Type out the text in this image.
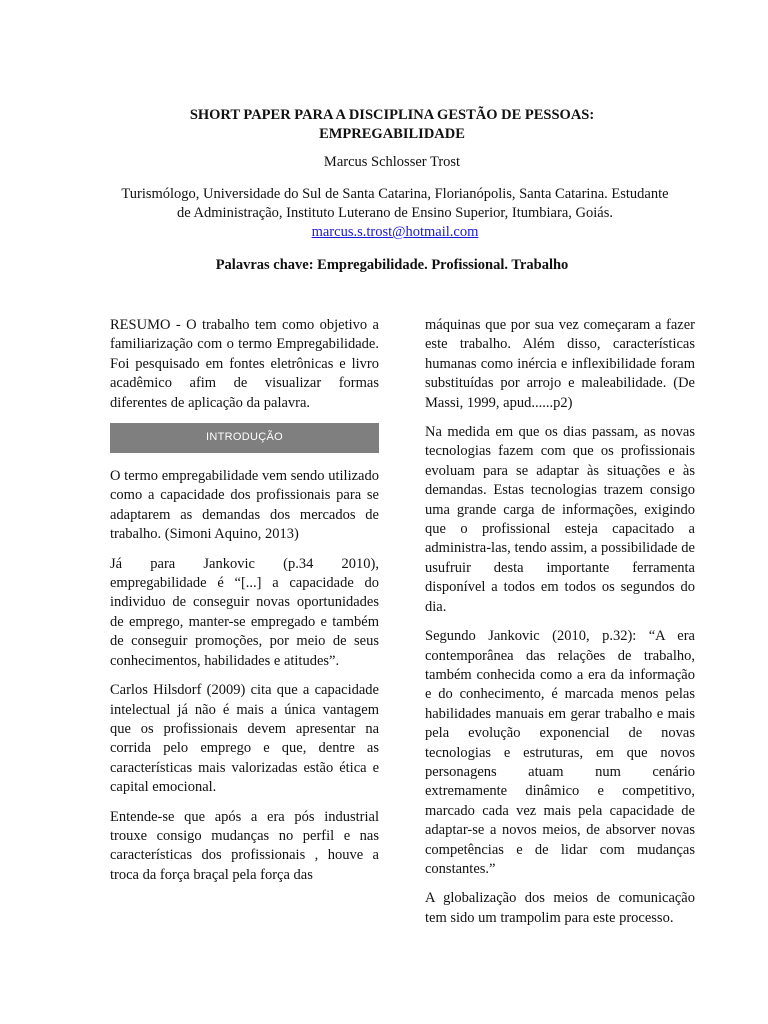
SHORT PAPER PARA A DISCIPLINA GESTÃO DE PESSOAS:
EMPREGABILIDADE
Marcus Schlosser Trost
Turismólogo, Universidade do Sul de Santa Catarina, Florianópolis, Santa Catarina. Estudante
de Administração, Instituto Luterano de Ensino Superior, Itumbiara, Goiás.
marcus.s.trost@hotmail.com
Palavras chave: Empregabilidade. Profissional. Trabalho

RESUMO - O trabalho tem como objetivo a familiarização com o termo Empregabilidade. Foi pesquisado em fontes eletrônicas e livro acadêmico afim de visualizar formas diferentes de aplicação da palavra.

INTRODUÇÃO

O termo empregabilidade vem sendo utilizado como a capacidade dos profissionais para se adaptarem as demandas dos mercados de trabalho. (Simoni Aquino, 2013)

Já para Jankovic (p.34 2010), empregabilidade é “[...] a capacidade do individuo de conseguir novas oportunidades de emprego, manter-se empregado e também de conseguir promoções, por meio de seus conhecimentos, habilidades e atitudes”.

Carlos Hilsdorf (2009) cita que a capacidade intelectual já não é mais a única vantagem que os profissionais devem apresentar na corrida pelo emprego e que, dentre as características mais valorizadas estão ética e capital emocional.

Entende-se que após a era pós industrial trouxe consigo mudanças no perfil e nas características dos profissionais , houve a troca da força braçal pela força das

máquinas que por sua vez começaram a fazer este trabalho. Além disso, características humanas como inércia e inflexibilidade foram substituídas por arrojo e maleabilidade. (De Massi, 1999, apud......p2)

Na medida em que os dias passam, as novas tecnologias fazem com que os profissionais evoluam para se adaptar às situações e às demandas. Estas tecnologias trazem consigo uma grande carga de informações, exigindo que o profissional esteja capacitado a administra-las, tendo assim, a possibilidade de usufruir desta importante ferramenta disponível a todos em todos os segundos do dia.

Segundo Jankovic (2010, p.32): “A era contemporânea das relações de trabalho, também conhecida como a era da informação e do conhecimento, é marcada menos pelas habilidades manuais em gerar trabalho e mais pela evolução exponencial de novas tecnologias e estruturas, em que novos personagens atuam num cenário extremamente dinâmico e competitivo, marcado cada vez mais pela capacidade de adaptar-se a novos meios, de absorver novas competências e de lidar com mudanças constantes.”

A globalização dos meios de comunicação tem sido um trampolim para este processo.
